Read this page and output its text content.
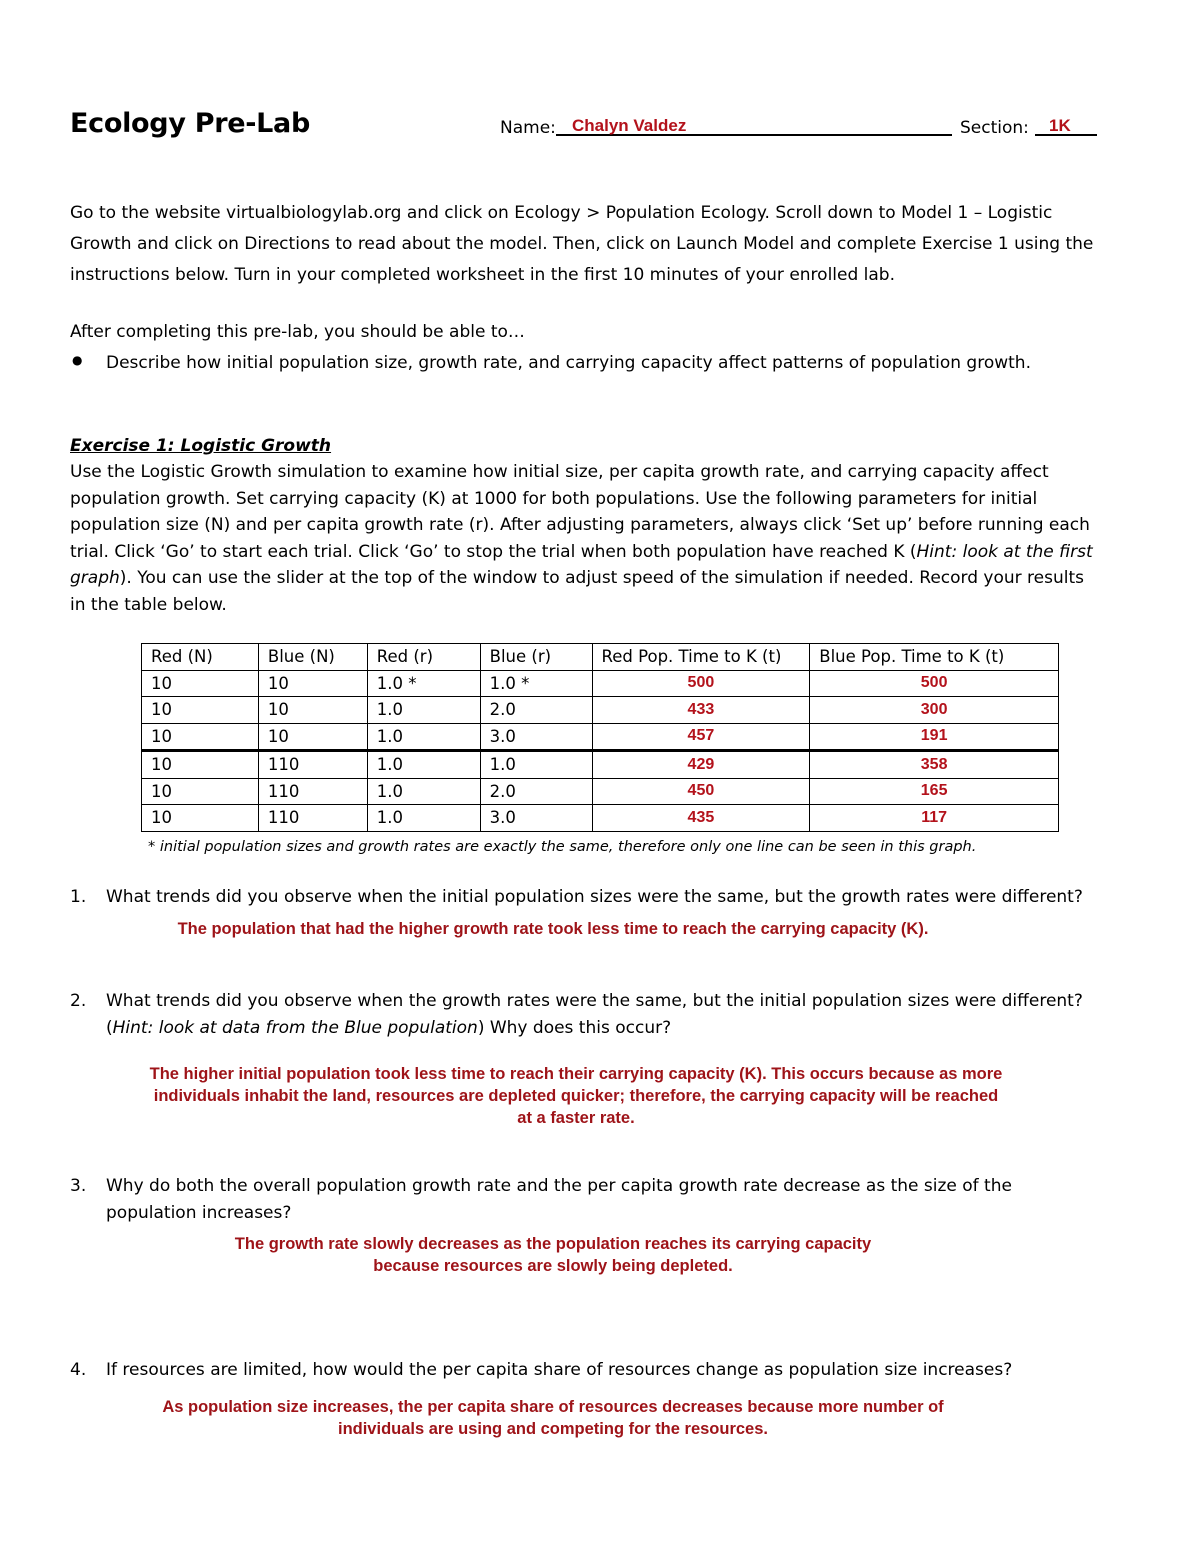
Ecology Pre-Lab	Name: Chalyn Valdez	Section: 1K
Go to the website virtualbiologylab.org and click on Ecology > Population Ecology. Scroll down to Model 1 – Logistic
Growth and click on Directions to read about the model. Then, click on Launch Model and complete Exercise 1 using the
instructions below. Turn in your completed worksheet in the first 10 minutes of your enrolled lab.
After completing this pre-lab, you should be able to…
● Describe how initial population size, growth rate, and carrying capacity affect patterns of population growth.
Exercise 1: Logistic Growth
Use the Logistic Growth simulation to examine how initial size, per capita growth rate, and carrying capacity affect
population growth. Set carrying capacity (K) at 1000 for both populations. Use the following parameters for initial
population size (N) and per capita growth rate (r). After adjusting parameters, always click ‘Set up’ before running each
trial. Click ‘Go’ to start each trial. Click ‘Go’ to stop the trial when both population have reached K (Hint: look at the first
graph). You can use the slider at the top of the window to adjust speed of the simulation if needed. Record your results
in the table below.
Red (N)	Blue (N)	Red (r)	Blue (r)	Red Pop. Time to K (t)	Blue Pop. Time to K (t)
10	10	1.0 *	1.0 *	500	500
10	10	1.0	2.0	433	300
10	10	1.0	3.0	457	191
10	110	1.0	1.0	429	358
10	110	1.0	2.0	450	165
10	110	1.0	3.0	435	117
* initial population sizes and growth rates are exactly the same, therefore only one line can be seen in this graph.
1. What trends did you observe when the initial population sizes were the same, but the growth rates were different?
The population that had the higher growth rate took less time to reach the carrying capacity (K).
2. What trends did you observe when the growth rates were the same, but the initial population sizes were different?
(Hint: look at data from the Blue population) Why does this occur?
The higher initial population took less time to reach their carrying capacity (K). This occurs because as more
individuals inhabit the land, resources are depleted quicker; therefore, the carrying capacity will be reached
at a faster rate.
3. Why do both the overall population growth rate and the per capita growth rate decrease as the size of the
population increases?
The growth rate slowly decreases as the population reaches its carrying capacity
because resources are slowly being depleted.
4. If resources are limited, how would the per capita share of resources change as population size increases?
As population size increases, the per capita share of resources decreases because more number of
individuals are using and competing for the resources.
